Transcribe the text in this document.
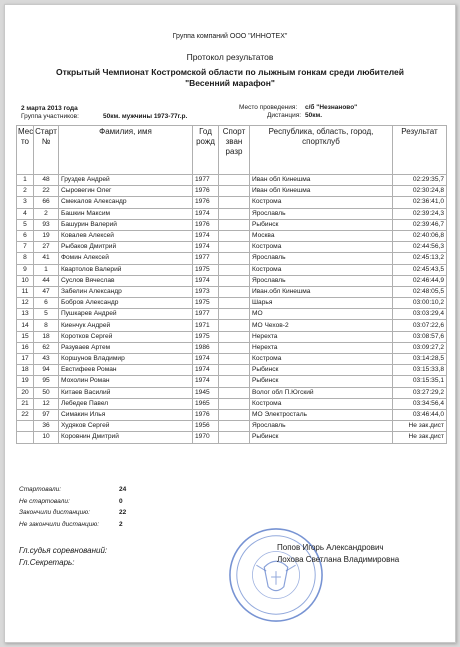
Группа компаний ООО "ИННОТЕХ"
Протокол результатов
Открытый Чемпионат Костромской области по лыжным гонкам среди любителей "Весенний марафон"
2 марта 2013 года
Группа участников:	50км. мужчины 1973-77г.р.
Место проведения: с/б "Незнаново"
Дистанция: 50км.
Мес то	Старт №	Фамилия, имя	Год рожд	Спорт зван разр	Республика, область, город, спортклуб	Результат
1	48	Груздев Андрей	1977		Иван обл Кинешма	02:29:35,7
2	22	Сыровегин Олег	1976		Иван обл Кинешма	02:30:24,8
3	66	Смекалов Александр	1976		Кострома	02:36:41,0
4	2	Башкин Максим	1974		Ярославль	02:39:24,3
5	93	Башурин Валерий	1976		Рыбинск	02:39:46,7
6	19	Ковалев Алексей	1974		Москва	02:40:06,8
7	27	Рыбаков Дмитрий	1974		Кострома	02:44:56,3
8	41	Фомин Алексей	1977		Ярославль	02:45:13,2
9	1	Квартолов Валерий	1975		Кострома	02:45:43,5
10	44	Суслов Вячеслав	1974		Ярославль	02:46:44,9
11	47	Забелин Александр	1973		Иван.обл Кинешма	02:48:05,5
12	6	Бобров Александр	1975		Шарья	03:00:10,2
13	5	Пушкарев Андрей	1977		МО	03:03:29,4
14	8	Киенчук Андрей	1971		МО Чехов-2	03:07:22,6
15	18	Коротков Сергей	1975		Нерехта	03:08:57,6
16	62	Разуваев Артем	1986		Нерехта	03:09:27,2
17	43	Коршунов Владимир	1974		Кострома	03:14:28,5
18	94	Евстифеев Роман	1974		Рыбинск	03:15:33,8
19	95	Мохолин Роман	1974		Рыбинск	03:15:35,1
20	50	Китаев Василий	1945		Волог обл П.Югский	03:27:29,2
21	12	Лебедев Павел	1965		Кострома	03:34:56,4
22	97	Симакин Илья	1976		МО Электросталь	03:46:44,0
	36	Худяков Сергей	1956		Ярославль	Не зак.дист
	10	Коровнин Дмитрий	1970		Рыбинск	Не зак.дист
Стартовали:	24
Не стартовали:	0
Закончили дистанцию:	22
Не закончили дистанцию:	2
Гл.судья соревнований:
Гл.Секретарь:
Попов Игорь Александрович
Лохова Светлана Владимировна
